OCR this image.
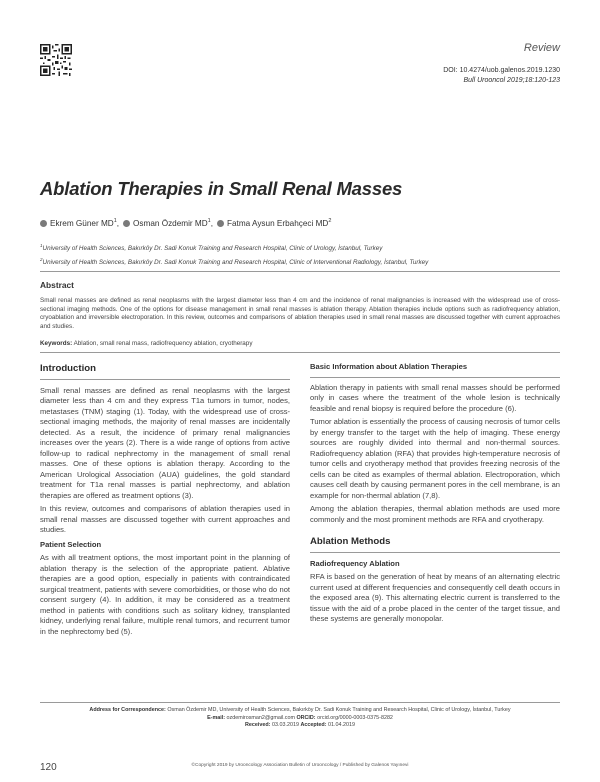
Review
DOI: 10.4274/uob.galenos.2019.1230
Bull Urooncol 2019;18:120-123
Ablation Therapies in Small Renal Masses
Ekrem Güner $MD^1$ , Osman Özdemir $MD^1$ , Fatma Aysun Erbahçeci $MD^2$
$^1$University of Health Sciences, Bakırköy Dr. Sadi Konuk Training and Research Hospital, Clinic of Urology, İstanbul, Turkey
$^2$University of Health Sciences, Bakırköy Dr. Sadi Konuk Training and Research Hospital, Clinic of Interventional Radiology, İstanbul, Turkey
Abstract
Small renal masses are defined as renal neoplasms with the largest diameter less than 4 cm and the incidence of renal malignancies is increased with the widespread use of cross-sectional imaging methods. One of the options for disease management in small renal masses is ablation therapy. Ablation therapies include options such as radiofrequency ablation, cryoablation and irreversible electroporation. In this review, outcomes and comparisons of ablation therapies used in small renal masses are discussed together with current approaches and studies.
Keywords: Ablation, small renal mass, radiofrequency ablation, cryotherapy
Introduction

Small renal masses are defined as renal neoplasms with the largest diameter less than 4 cm and they express T1a tumors in tumor, nodes, metastases (TNM) staging (1). Today, with the widespread use of cross-sectional imaging methods, the majority of renal masses are incidentally detected. As a result, the incidence of primary renal malignancies increases over the years (2). There is a wide range of options from active follow-up to radical nephrectomy in the management of small renal masses. One of these options is ablation therapy. According to the American Urological Association (AUA) guidelines, the gold standard treatment for T1a renal masses is partial nephrectomy, and ablation therapies are offered as treatment options (3).

In this review, outcomes and comparisons of ablation therapies used in small renal masses are discussed together with current approaches and studies.

Patient Selection

As with all treatment options, the most important point in the planning of ablation therapy is the selection of the appropriate patient. Ablative therapies are a good option, especially in patients with contraindicated surgical treatment, patients with severe comorbidities, or those who do not consent surgery (4). In addition, it may be considered as a treatment method in patients with conditions such as solitary kidney, transplanted kidney, underlying renal failure, multiple renal tumors, and recurrent tumor in the nephrectomy bed (5).

Basic Information about Ablation Therapies

Ablation therapy in patients with small renal masses should be performed only in cases where the treatment of the whole lesion is technically feasible and renal biopsy is required before the procedure (6).

Tumor ablation is essentially the process of causing necrosis of tumor cells by energy transfer to the target with the help of imaging. These energy sources are roughly divided into thermal and non-thermal sources. Radiofrequency ablation (RFA) that provides high-temperature necrosis of tumor cells and cryotherapy method that provides freezing necrosis of the cells can be cited as examples of thermal ablation. Electroporation, which causes cell death by causing permanent pores in the cell membrane, is an example for non-thermal ablation (7,8).

Among the ablation therapies, thermal ablation methods are used more commonly and the most prominent methods are RFA and cryotherapy.

Ablation Methods
Radiofrequency Ablation

RFA is based on the generation of heat by means of an alternating electric current used at different frequencies and consequently cell death occurs in the exposed area (9). This alternating electric current is transferred to the tissue with the aid of a probe placed in the center of the target tissue, and these systems are generally monopolar.

Address for Correspondence: Osman Özdemir MD, University of Health Sciences, Bakırköy Dr. Sadi Konuk Training and Research Hospital, Clinic of Urology, İstanbul, Turkey
E-mail: ozdemirosman2@gmail.com ORCID: orcid.org/0000-0003-0375-8282
Received: 03.03.2019 Accepted: 01.04.2019
120	©Copyright 2019 by Urooncology Association Bulletin of Urooncology / Published by Galenos Yayınevi
